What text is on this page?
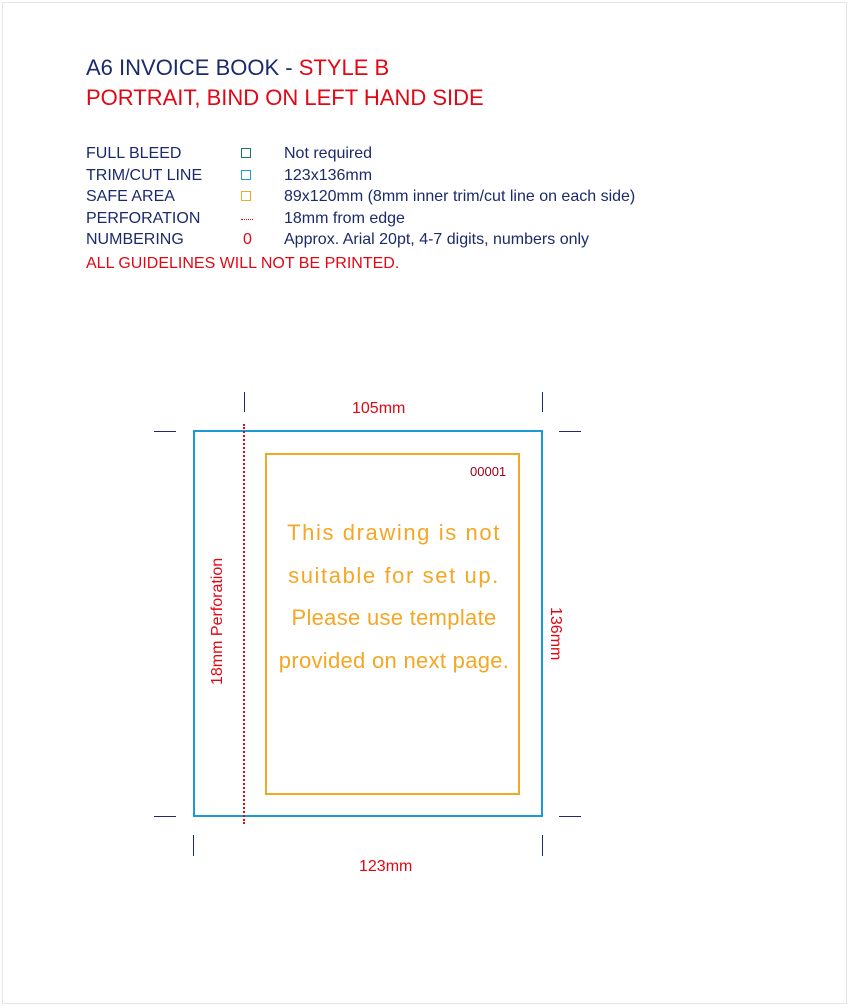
A6 INVOICE BOOK - STYLE B
PORTRAIT, BIND ON LEFT HAND SIDE
FULL BLEED	Not required
TRIM/CUT LINE	123x136mm
SAFE AREA	89x120mm (8mm inner trim/cut line on each side)
PERFORATION	18mm from edge
NUMBERING	0 Approx. Arial 20pt, 4-7 digits, numbers only
ALL GUIDELINES WILL NOT BE PRINTED.
105mm
123mm
136mm
18mm Perforation
00001
This drawing is not
suitable for set up.
Please use template
provided on next page.
